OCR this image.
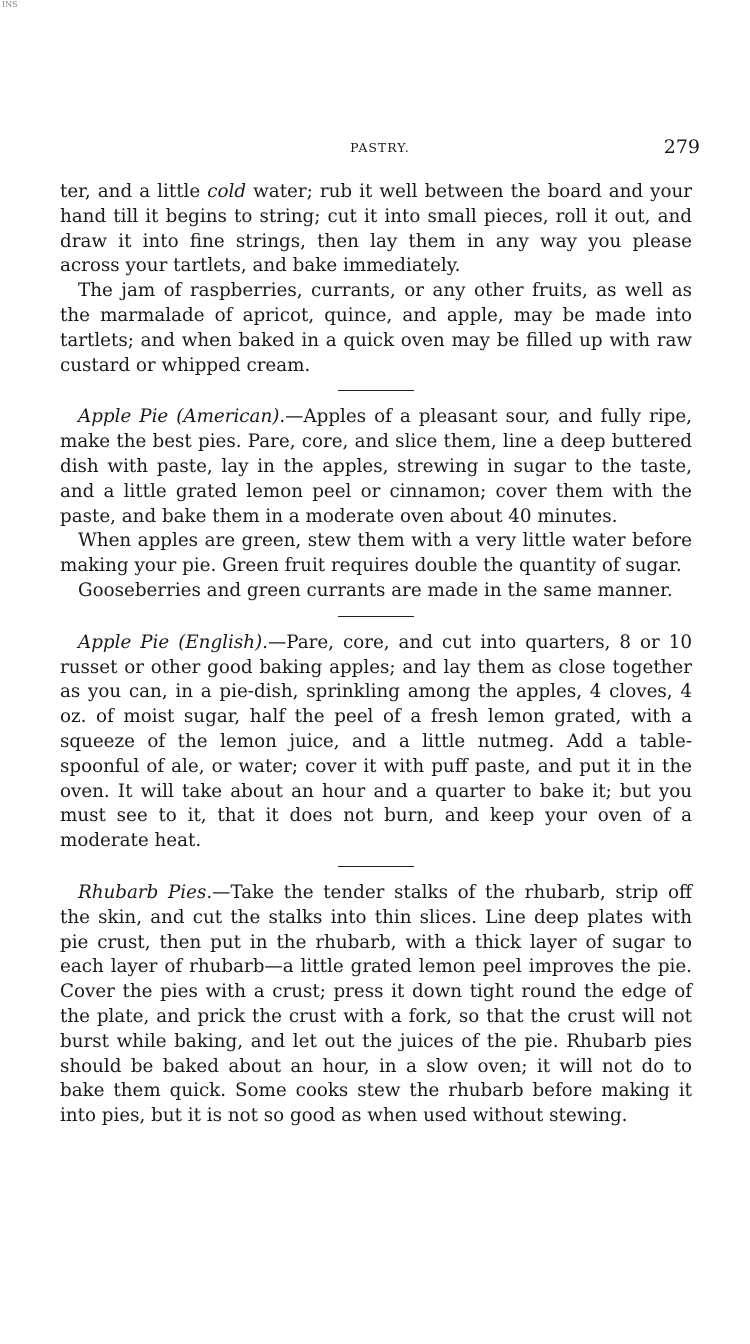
INS
PASTRY.	279

ter, and a little cold water; rub it well between the board and your hand till it begins to string; cut it into small pieces, roll it out, and draw it into fine strings, then lay them in any way you please across your tartlets, and bake immediately.

The jam of raspberries, currants, or any other fruits, as well as the marmalade of apricot, quince, and apple, may be made into tartlets; and when baked in a quick oven may be filled up with raw custard or whipped cream.

Apple Pie (American).—Apples of a pleasant sour, and fully ripe, make the best pies. Pare, core, and slice them, line a deep buttered dish with paste, lay in the apples, strewing in sugar to the taste, and a little grated lemon peel or cinnamon; cover them with the paste, and bake them in a moderate oven about 40 minutes.

When apples are green, stew them with a very little water before making your pie. Green fruit requires double the quantity of sugar.

Gooseberries and green currants are made in the same manner.

Apple Pie (English).—Pare, core, and cut into quarters, 8 or 10 russet or other good baking apples; and lay them as close together as you can, in a pie-dish, sprinkling among the apples, 4 cloves, 4 oz. of moist sugar, half the peel of a fresh lemon grated, with a squeeze of the lemon juice, and a little nutmeg. Add a table-spoonful of ale, or water; cover it with puff paste, and put it in the oven. It will take about an hour and a quarter to bake it; but you must see to it, that it does not burn, and keep your oven of a moderate heat.

Rhubarb Pies.—Take the tender stalks of the rhubarb, strip off the skin, and cut the stalks into thin slices. Line deep plates with pie crust, then put in the rhubarb, with a thick layer of sugar to each layer of rhubarb—a little grated lemon peel improves the pie. Cover the pies with a crust; press it down tight round the edge of the plate, and prick the crust with a fork, so that the crust will not burst while baking, and let out the juices of the pie. Rhubarb pies should be baked about an hour, in a slow oven; it will not do to bake them quick. Some cooks stew the rhubarb before making it into pies, but it is not so good as when used without stewing.
